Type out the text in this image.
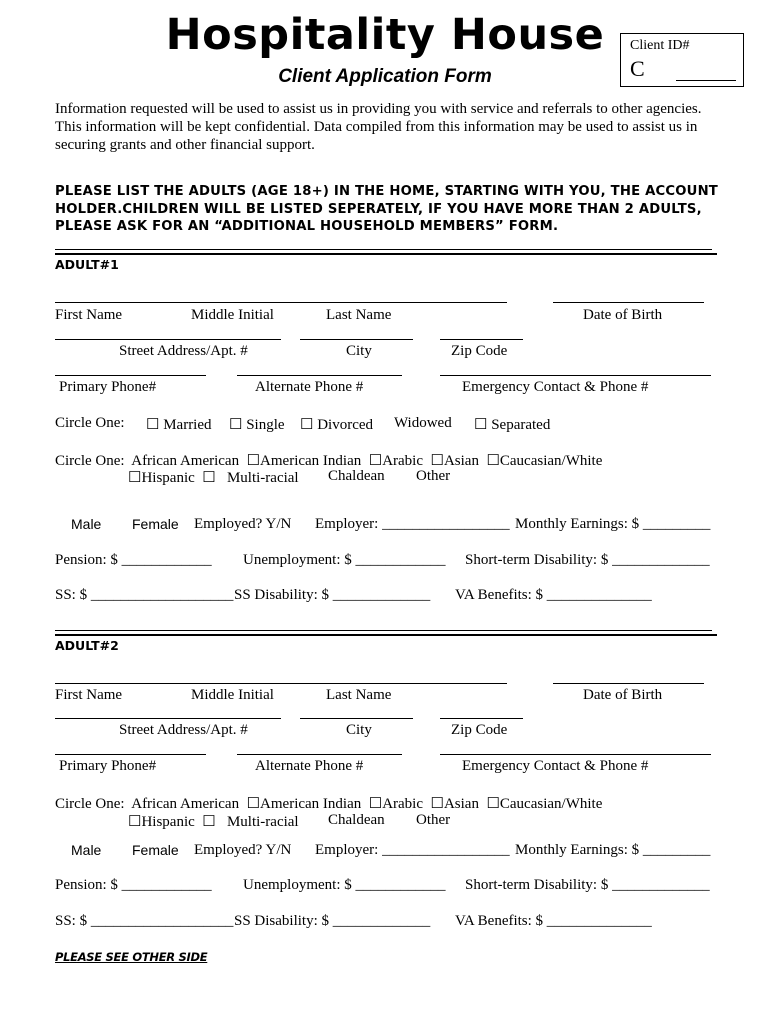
Hospitality House
Client Application Form
Client ID#
C
Information requested will be used to assist us in providing you with service and referrals to other agencies. This information will be kept confidential. Data compiled from this information may be used to assist us in securing grants and other financial support.
PLEASE LIST THE ADULTS (AGE 18+) IN THE HOME, STARTING WITH YOU, THE ACCOUNT HOLDER.CHILDREN WILL BE LISTED SEPERATELY, IF YOU HAVE MORE THAN 2 ADULTS, PLEASE ASK FOR AN “ADDITIONAL HOUSEHOLD MEMBERS” FORM.
ADULT#1
First Name	Middle Initial	Last Name	Date of Birth
Street Address/Apt. #	City	Zip Code
Primary Phone#	Alternate Phone #	Emergency Contact & Phone #
Circle One: ☐ Married ☐ Single ☐ Divorced Widowed ☐ Separated
Circle One:  African American  ☐American Indian  ☐Arabic  ☐Asian  ☐Caucasian/White
☐Hispanic  ☐   Multi-racial Chaldean Other
Male Female Employed? Y/N Employer: _________________ Monthly Earnings: $ _________
Pension: $ ____________ Unemployment: $ ____________ Short-term Disability: $ _____________
SS: $ ___________________ SS Disability: $ _____________ VA Benefits: $ ______________
ADULT#2
First Name	Middle Initial	Last Name	Date of Birth
Street Address/Apt. #	City	Zip Code
Primary Phone#	Alternate Phone #	Emergency Contact & Phone #
Circle One:  African American  ☐American Indian  ☐Arabic  ☐Asian  ☐Caucasian/White
☐Hispanic  ☐   Multi-racial Chaldean Other
Male Female Employed? Y/N Employer: _________________ Monthly Earnings: $ _________
Pension: $ ____________ Unemployment: $ ____________ Short-term Disability: $ _____________
SS: $ ___________________ SS Disability: $ _____________ VA Benefits: $ ______________
PLEASE SEE OTHER SIDE
